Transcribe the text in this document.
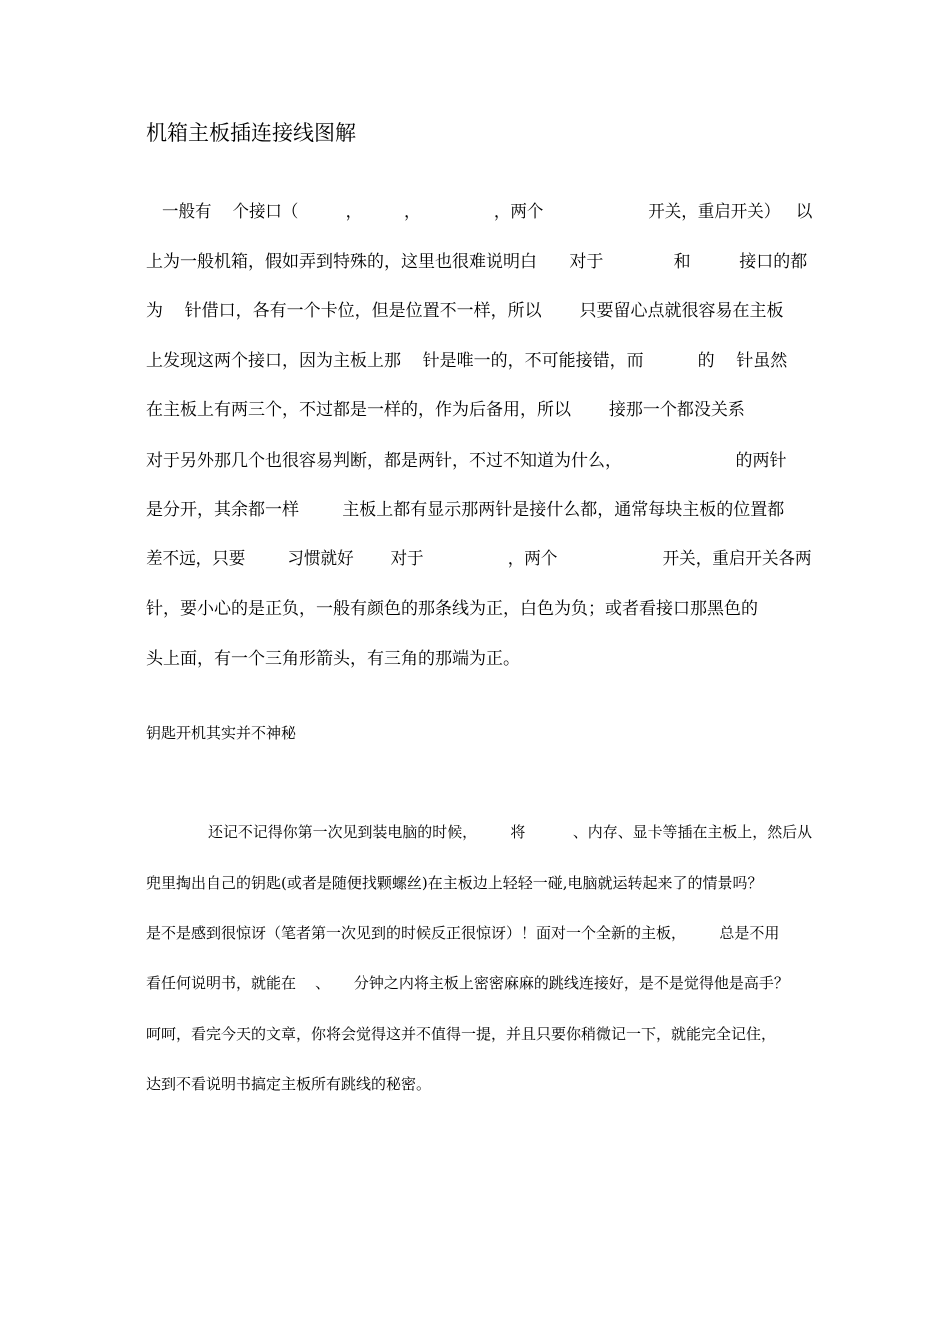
机箱主板插连接线图解
一般有    个接口（         ，        ，              ，两个                    开关，重启开关）   以
上为一般机箱，假如弄到特殊的，这里也很难说明白      对于             和         接口的都
为    针借口，各有一个卡位，但是位置不一样，所以       只要留心点就很容易在主板
上发现这两个接口，因为主板上那    针是唯一的，不可能接错，而          的    针虽然
在主板上有两三个，不过都是一样的，作为后备用，所以       接那一个都没关系
对于另外那几个也很容易判断，都是两针，不过不知道为什么，                     的两针
是分开，其余都一样        主板上都有显示那两针是接什么都，通常每块主板的位置都
差不远，只要        习惯就好       对于                ，两个                    开关，重启开关各两
针，要小心的是正负，一般有颜色的那条线为正，白色为负；或者看接口那黑色的
头上面，有一个三角形箭头，有三角的那端为正。
钥匙开机其实并不神秘
还记不记得你第一次见到装电脑的时候，       将          、内存、显卡等插在主板上，然后从
兜里掏出自己的钥匙(或者是随便找颗螺丝)在主板边上轻轻一碰,电脑就运转起来了的情景吗？
是不是感到很惊讶（笔者第一次见到的时候反正很惊讶）！面对一个全新的主板，       总是不用
看任何说明书，就能在    、     分钟之内将主板上密密麻麻的跳线连接好，是不是觉得他是高手？
呵呵，看完今天的文章，你将会觉得这并不值得一提，并且只要你稍微记一下，就能完全记住，
达到不看说明书搞定主板所有跳线的秘密。
